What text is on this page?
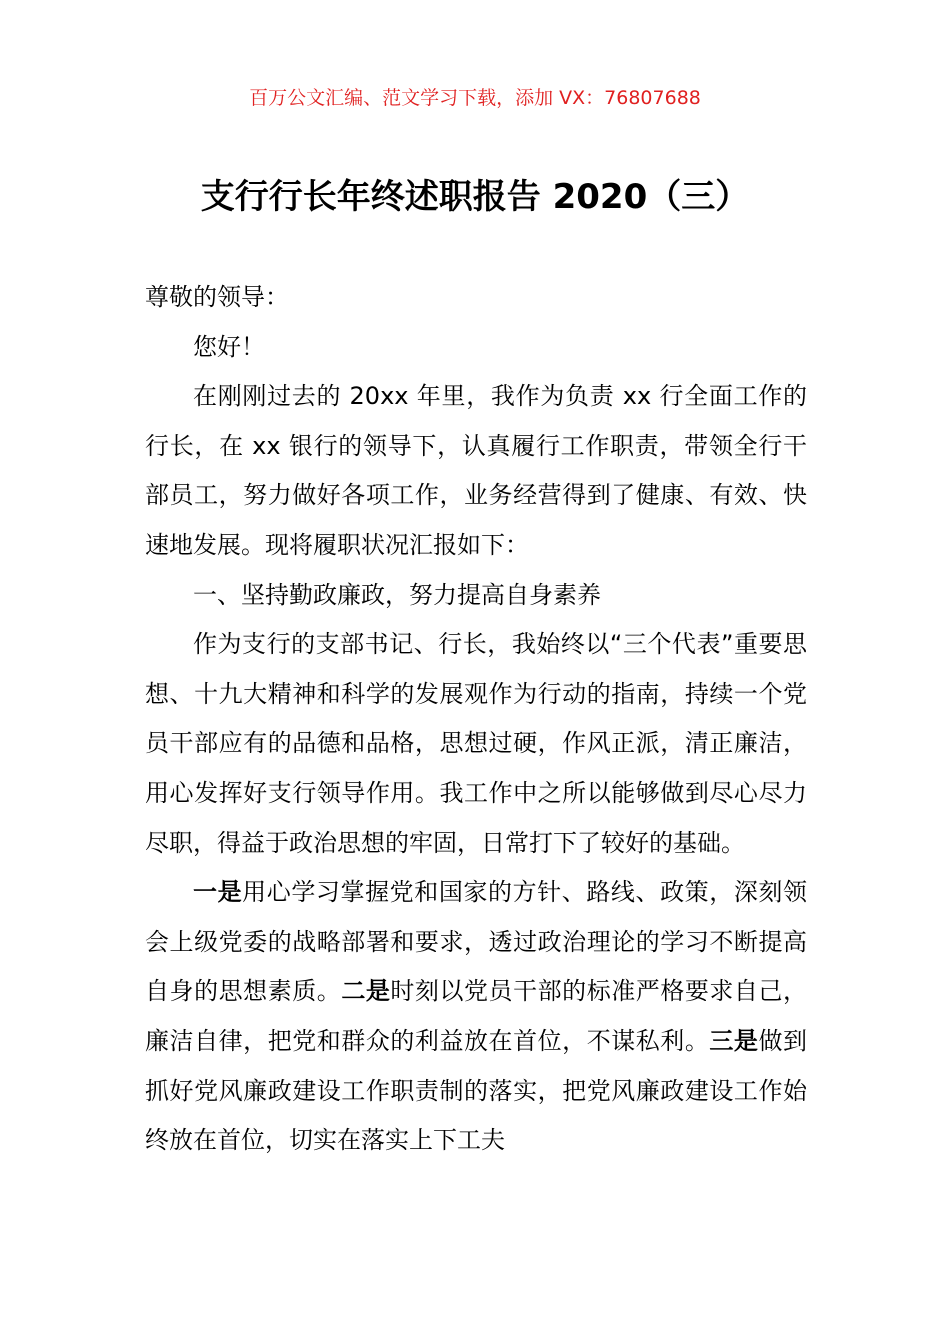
百万公文汇编、范文学习下载，添加 VX：76807688
支行行长年终述职报告 2020（三）

尊敬的领导：

您好！

在刚刚过去的 20xx 年里，我作为负责 xx 行全面工作的行长，在 xx 银行的领导下，认真履行工作职责，带领全行干部员工，努力做好各项工作，业务经营得到了健康、有效、快速地发展。现将履职状况汇报如下：

一、坚持勤政廉政，努力提高自身素养

作为支行的支部书记、行长，我始终以“三个代表”重要思想、十九大精神和科学的发展观作为行动的指南，持续一个党员干部应有的品德和品格，思想过硬，作风正派，清正廉洁，用心发挥好支行领导作用。我工作中之所以能够做到尽心尽力尽职，得益于政治思想的牢固，日常打下了较好的基础。

一是用心学习掌握党和国家的方针、路线、政策，深刻领会上级党委的战略部署和要求，透过政治理论的学习不断提高自身的思想素质。二是时刻以党员干部的标准严格要求自己，廉洁自律，把党和群众的利益放在首位，不谋私利。三是做到抓好党风廉政建设工作职责制的落实，把党风廉政建设工作始终放在首位，切实在落实上下工夫
